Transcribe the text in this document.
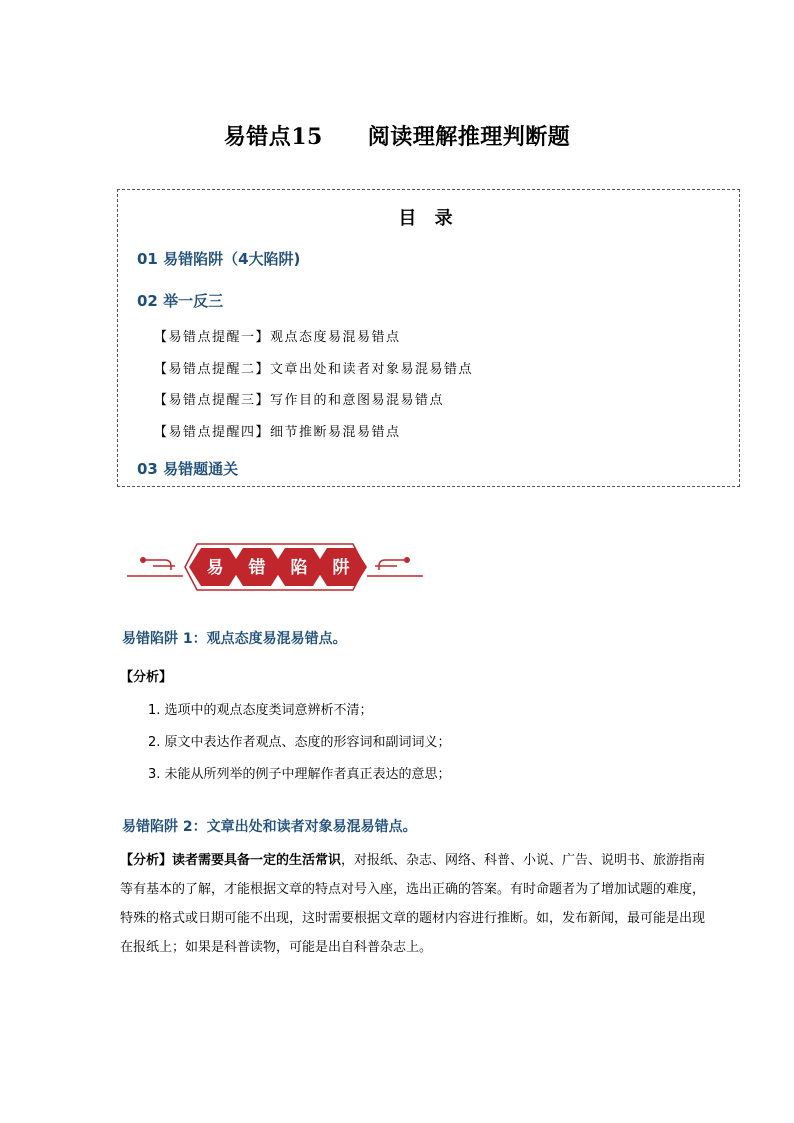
易错点15　　阅读理解推理判断题
目 录
01 易错陷阱（4大陷阱)
02 举一反三
【易错点提醒一】观点态度易混易错点
【易错点提醒二】文章出处和读者对象易混易错点
【易错点提醒三】写作目的和意图易混易错点
【易错点提醒四】细节推断易混易错点
03 易错题通关
易 错 陷 阱
易错陷阱 1：观点态度易混易错点。
【分析】
1. 选项中的观点态度类词意辨析不清；
2. 原文中表达作者观点、态度的形容词和副词词义；
3. 未能从所列举的例子中理解作者真正表达的意思；
易错陷阱 2：文章出处和读者对象易混易错点。
【分析】读者需要具备一定的生活常识，对报纸、杂志、网络、科普、小说、广告、说明书、旅游指南等有基本的了解，才能根据文章的特点对号入座，选出正确的答案。有时命题者为了增加试题的难度，特殊的格式或日期可能不出现，这时需要根据文章的题材内容进行推断。如，发布新闻，最可能是出现在报纸上；如果是科普读物，可能是出自科普杂志上。
